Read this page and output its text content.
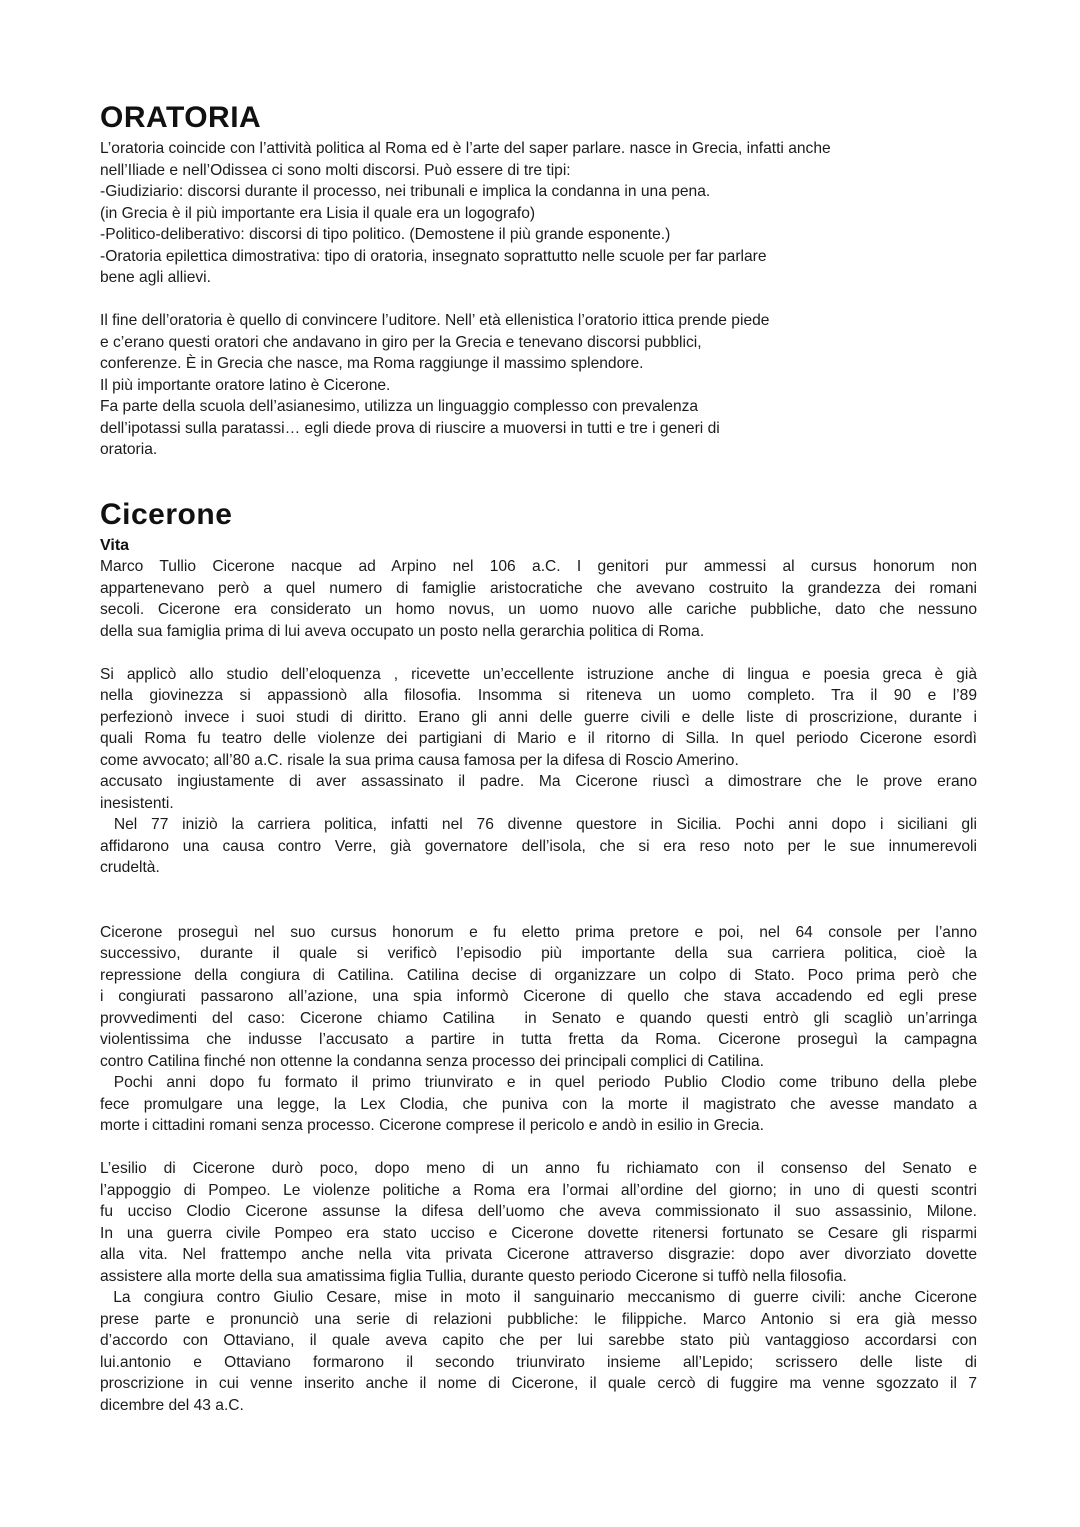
ORATORIA
L’oratoria coincide con l’attività politica al Roma ed è l’arte del saper parlare. nasce in Grecia, infatti anche
nell’Iliade e nell’Odissea ci sono molti discorsi. Può essere di tre tipi:
-Giudiziario: discorsi durante il processo, nei tribunali e implica la condanna in una pena.
(in Grecia è il più importante era Lisia il quale era un logografo)
-Politico-deliberativo: discorsi di tipo politico. (Demostene il più grande esponente.)
-Oratoria epilettica dimostrativa: tipo di oratoria, insegnato soprattutto nelle scuole per far parlare
bene agli allievi.
Il fine dell’oratoria è quello di convincere l’uditore. Nell’ età ellenistica l’oratorio ittica prende piede
e c’erano questi oratori che andavano in giro per la Grecia e tenevano discorsi pubblici,
conferenze. È in Grecia che nasce, ma Roma raggiunge il massimo splendore.
Il più importante oratore latino è Cicerone.
Fa parte della scuola dell’asianesimo, utilizza un linguaggio complesso con prevalenza
dell’ipotassi sulla paratassi… egli diede prova di riuscire a muoversi in tutti e tre i generi di
oratoria.
Cicerone
Vita
Marco Tullio Cicerone nacque ad Arpino nel 106 a.C. I genitori pur ammessi al cursus honorum non
appartenevano però a quel numero di famiglie aristocratiche che avevano costruito la grandezza dei romani
secoli. Cicerone era considerato un homo novus, un uomo nuovo alle cariche pubbliche, dato che nessuno
della sua famiglia prima di lui aveva occupato un posto nella gerarchia politica di Roma.
Si applicò allo studio dell’eloquenza , ricevette un’eccellente istruzione anche di lingua e poesia greca è già
nella giovinezza si appassionò alla filosofia. Insomma si riteneva un uomo completo. Tra il 90 e l’89
perfezionò invece i suoi studi di diritto. Erano gli anni delle guerre civili e delle liste di proscrizione, durante i
quali Roma fu teatro delle violenze dei partigiani di Mario e il ritorno di Silla. In quel periodo Cicerone esordì
come avvocato; all’80 a.C. risale la sua prima causa famosa per la difesa di Roscio Amerino.
accusato ingiustamente di aver assassinato il padre. Ma Cicerone riuscì a dimostrare che le prove erano
inesistenti.
Nel 77 iniziò la carriera politica, infatti nel 76 divenne questore in Sicilia. Pochi anni dopo i siciliani gli
affidarono una causa contro Verre, già governatore dell’isola, che si era reso noto per le sue innumerevoli
crudeltà.
Cicerone proseguì nel suo cursus honorum e fu eletto prima pretore e poi, nel 64 console per l’anno
successivo, durante il quale si verificò l’episodio più importante della sua carriera politica, cioè la
repressione della congiura di Catilina. Catilina decise di organizzare un colpo di Stato. Poco prima però che
i congiurati passarono all’azione, una spia informò Cicerone di quello che stava accadendo ed egli prese
provvedimenti del caso: Cicerone chiamo Catilina  in Senato e quando questi entrò gli scagliò un’arringa
violentissima che indusse l’accusato a partire in tutta fretta da Roma. Cicerone proseguì la campagna
contro Catilina finché non ottenne la condanna senza processo dei principali complici di Catilina.
Pochi anni dopo fu formato il primo triunvirato e in quel periodo Publio Clodio come tribuno della plebe
fece promulgare una legge, la Lex Clodia, che puniva con la morte il magistrato che avesse mandato a
morte i cittadini romani senza processo. Cicerone comprese il pericolo e andò in esilio in Grecia.
L’esilio di Cicerone durò poco, dopo meno di un anno fu richiamato con il consenso del Senato e
l’appoggio di Pompeo. Le violenze politiche a Roma era l’ormai all’ordine del giorno; in uno di questi scontri
fu ucciso Clodio Cicerone assunse la difesa dell’uomo che aveva commissionato il suo assassinio, Milone.
In una guerra civile Pompeo era stato ucciso e Cicerone dovette ritenersi fortunato se Cesare gli risparmi
alla vita. Nel frattempo anche nella vita privata Cicerone attraverso disgrazie: dopo aver divorziato dovette
assistere alla morte della sua amatissima figlia Tullia, durante questo periodo Cicerone si tuffò nella filosofia.
La congiura contro Giulio Cesare, mise in moto il sanguinario meccanismo di guerre civili: anche Cicerone
prese parte e pronunciò una serie di relazioni pubbliche: le filippiche. Marco Antonio si era già messo
d’accordo con Ottaviano, il quale aveva capito che per lui sarebbe stato più vantaggioso accordarsi con
lui.antonio e Ottaviano formarono il secondo triunvirato insieme all’Lepido; scrissero delle liste di
proscrizione in cui venne inserito anche il nome di Cicerone, il quale cercò di fuggire ma venne sgozzato il 7
dicembre del 43 a.C.
